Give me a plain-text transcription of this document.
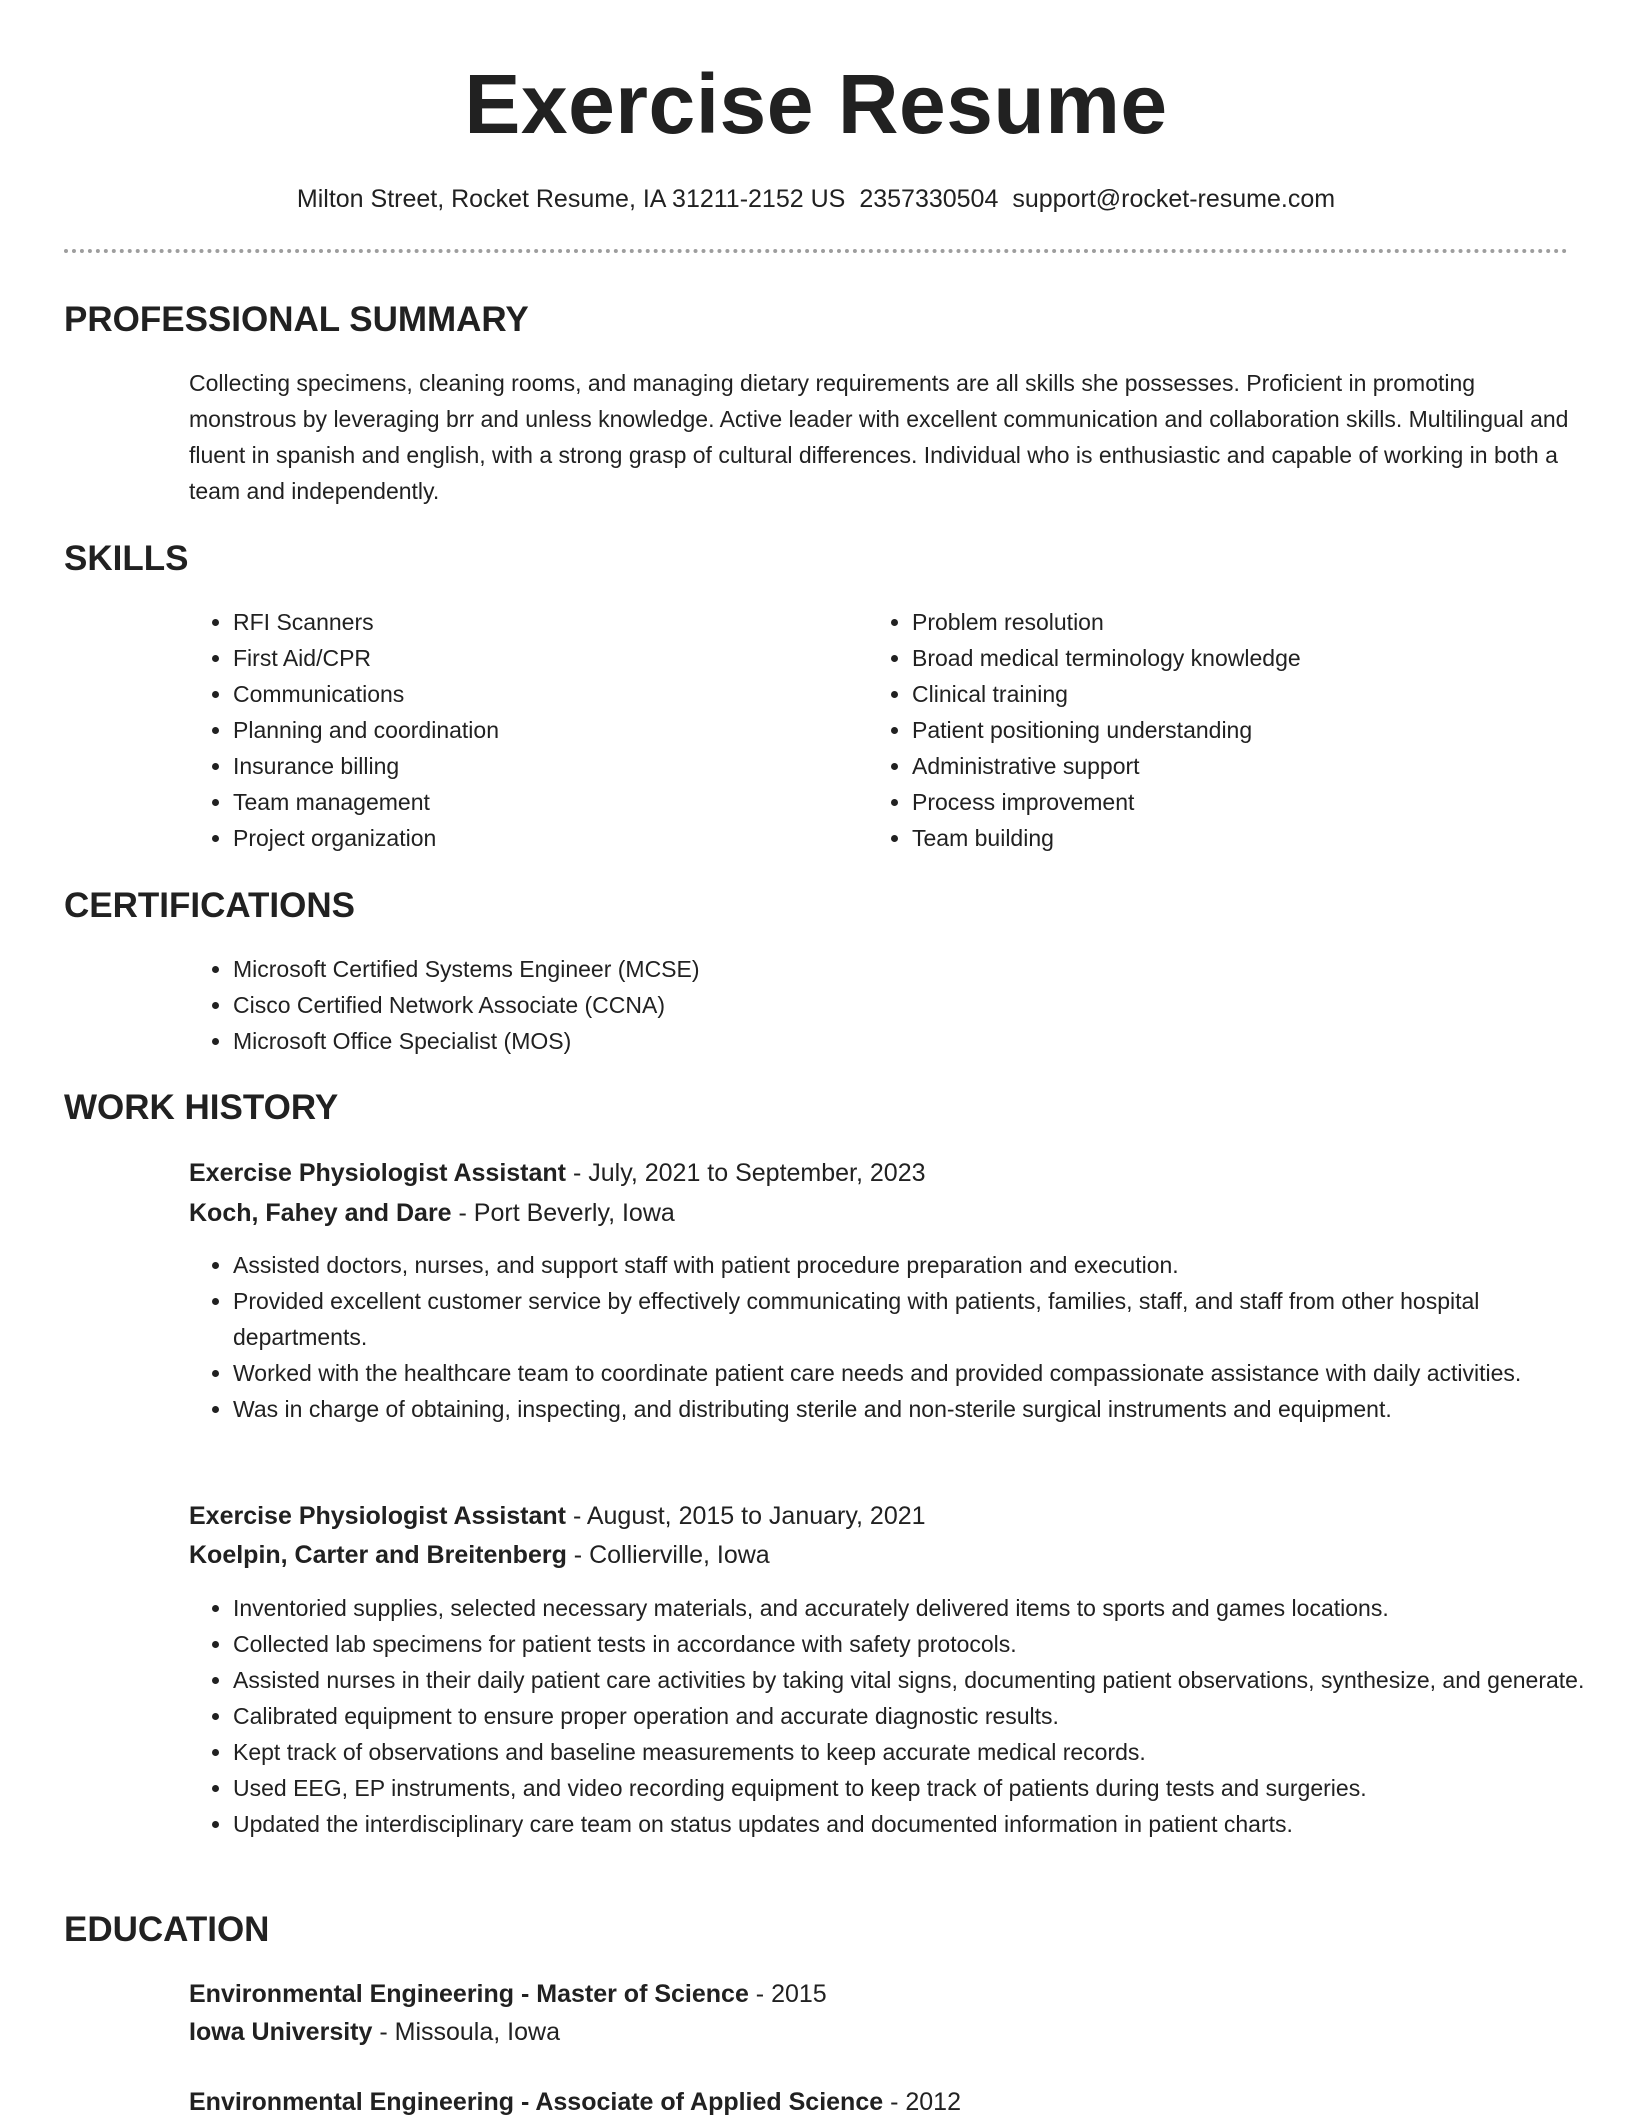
Exercise Resume
Milton Street, Rocket Resume, IA 31211-2152 US 2357330504 support@rocket-resume.com
PROFESSIONAL SUMMARY

Collecting specimens, cleaning rooms, and managing dietary requirements are all skills she possesses. Proficient in promoting monstrous by leveraging brr and unless knowledge. Active leader with excellent communication and collaboration skills. Multilingual and fluent in spanish and english, with a strong grasp of cultural differences. Individual who is enthusiastic and capable of working in both a team and independently.

SKILLS
• RFI Scanners
• First Aid/CPR
• Communications
• Planning and coordination
• Insurance billing
• Team management
• Project organization
• Problem resolution
• Broad medical terminology knowledge
• Clinical training
• Patient positioning understanding
• Administrative support
• Process improvement
• Team building
CERTIFICATIONS
• Microsoft Certified Systems Engineer (MCSE)
• Cisco Certified Network Associate (CCNA)
• Microsoft Office Specialist (MOS)
WORK HISTORY
Exercise Physiologist Assistant - July, 2021 to September, 2023
Koch, Fahey and Dare - Port Beverly, Iowa
• Assisted doctors, nurses, and support staff with patient procedure preparation and execution.
• Provided excellent customer service by effectively communicating with patients, families, staff, and staff from other hospital departments.
• Worked with the healthcare team to coordinate patient care needs and provided compassionate assistance with daily activities.
• Was in charge of obtaining, inspecting, and distributing sterile and non-sterile surgical instruments and equipment.
Exercise Physiologist Assistant - August, 2015 to January, 2021
Koelpin, Carter and Breitenberg - Collierville, Iowa
• Inventoried supplies, selected necessary materials, and accurately delivered items to sports and games locations.
• Collected lab specimens for patient tests in accordance with safety protocols.
• Assisted nurses in their daily patient care activities by taking vital signs, documenting patient observations, synthesize, and generate.
• Calibrated equipment to ensure proper operation and accurate diagnostic results.
• Kept track of observations and baseline measurements to keep accurate medical records.
• Used EEG, EP instruments, and video recording equipment to keep track of patients during tests and surgeries.
• Updated the interdisciplinary care team on status updates and documented information in patient charts.
EDUCATION
Environmental Engineering - Master of Science - 2015
Iowa University - Missoula, Iowa
Environmental Engineering - Associate of Applied Science - 2012
